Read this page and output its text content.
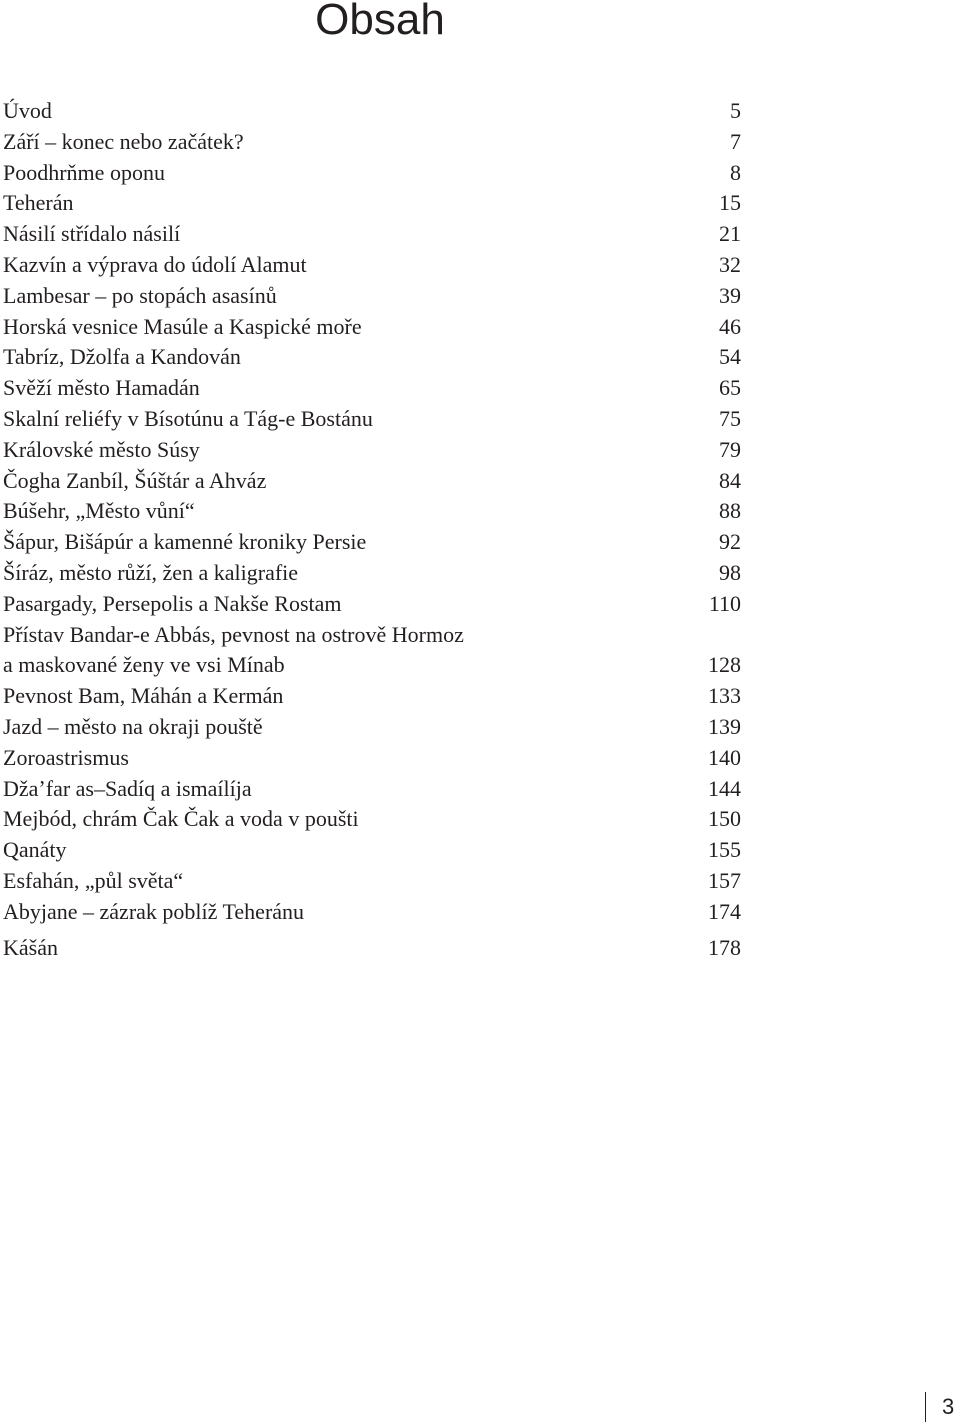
Obsah
Úvod	5
Září – konec nebo začátek?	7
Poodhrňme oponu	8
Teherán	15
Násilí střídalo násilí	21
Kazvín a výprava do údolí Alamut	32
Lambesar – po stopách asasínů	39
Horská vesnice Masúle a Kaspické moře	46
Tabríz, Džolfa a Kandován	54
Svěží město Hamadán	65
Skalní reliéfy v Bísotúnu a Tág-e Bostánu	75
Královské město Súsy	79
Čogha Zanbíl, Šúštár a Ahváz	84
Búšehr, „Město vůní“	88
Šápur, Bišápúr a kamenné kroniky Persie	92
Šíráz, město růží, žen a kaligrafie	98
Pasargady, Persepolis a Nakše Rostam	110
Přístav Bandar-e Abbás, pevnost na ostrově Hormoz
a maskované ženy ve vsi Mínab	128
Pevnost Bam, Máhán a Kermán	133
Jazd – město na okraji pouště	139
Zoroastrismus	140
Džaʼfar as–Sadíq a ismaílíja	144
Mejbód, chrám Čak Čak a voda v poušti	150
Qanáty	155
Esfahán, „půl světa“	157
Abyjane – zázrak poblíž Teheránu	174
Kášán	178
3
